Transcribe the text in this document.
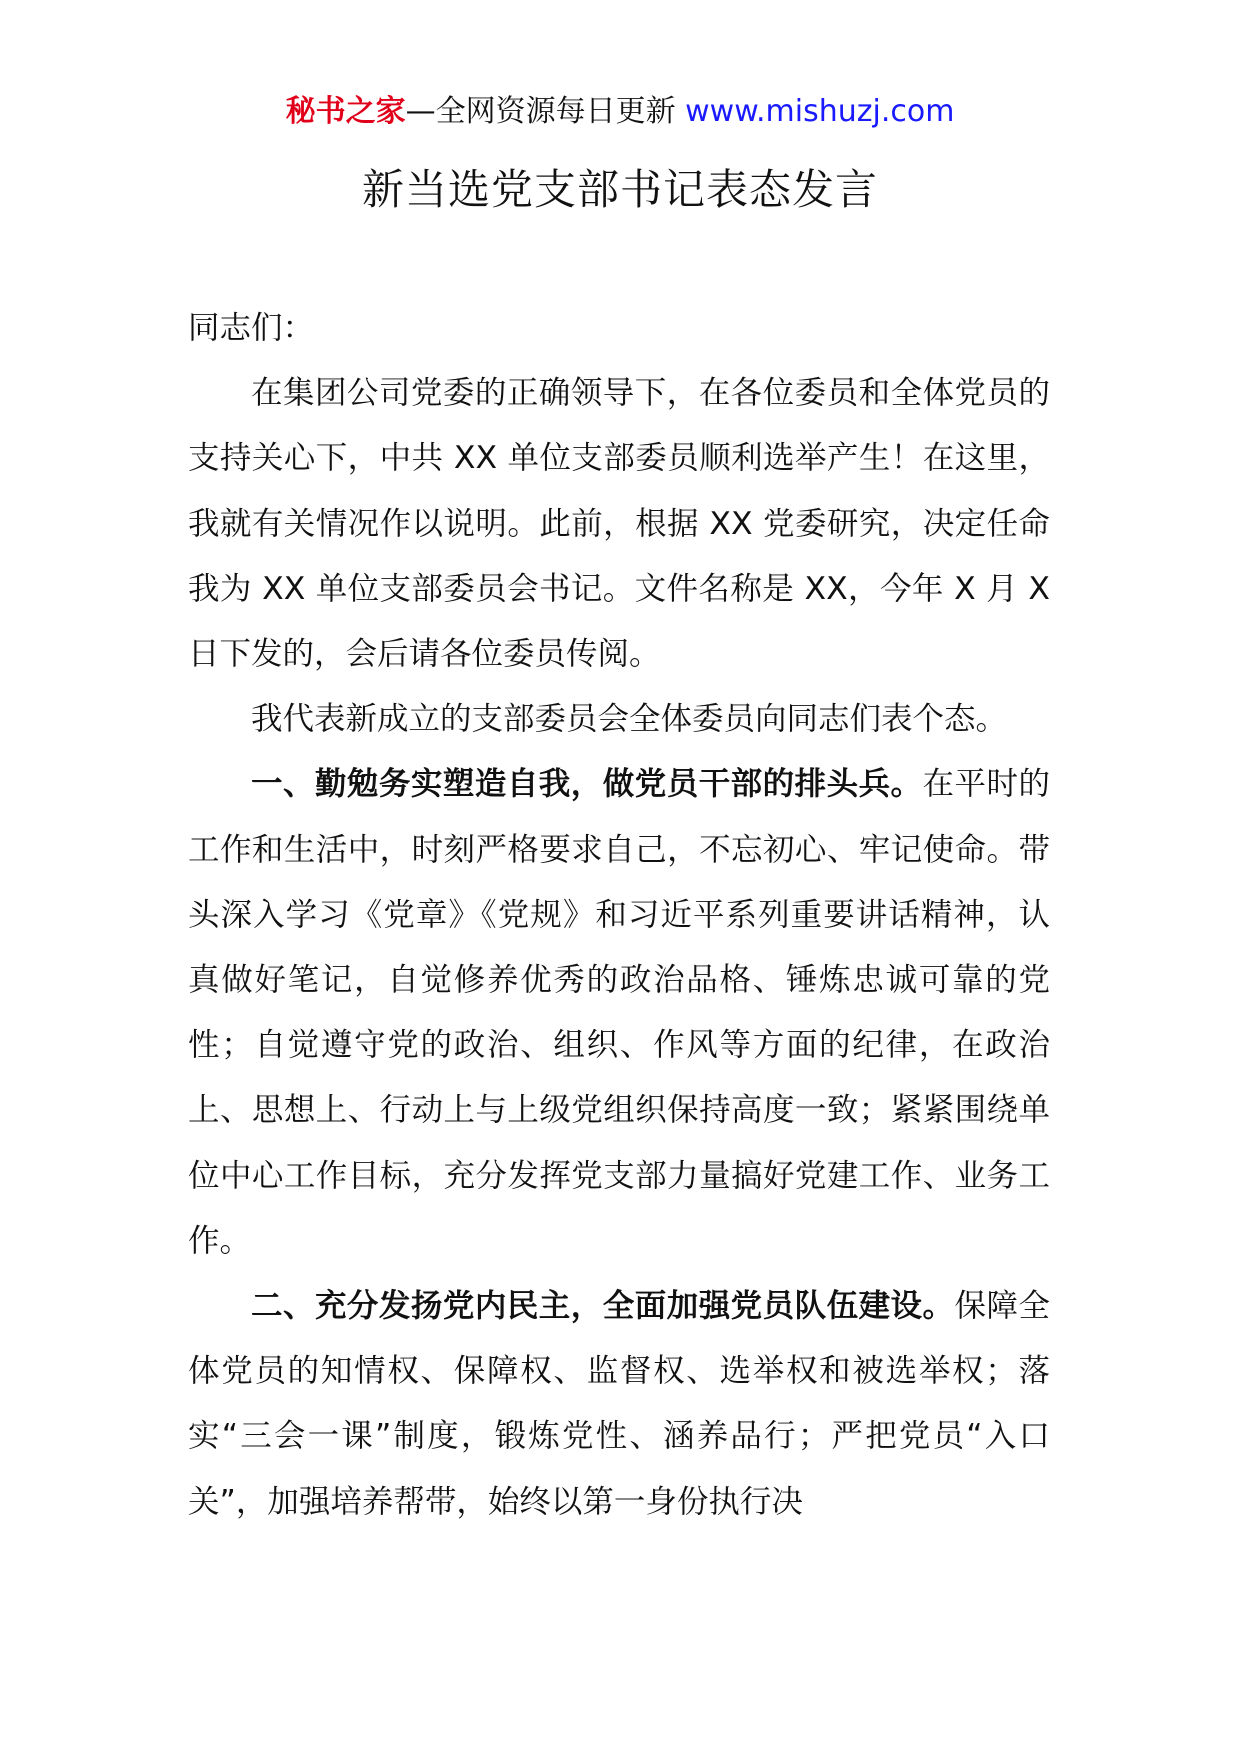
秘书之家—全网资源每日更新 www.mishuzj.com
新当选党支部书记表态发言

同志们：

在集团公司党委的正确领导下，在各位委员和全体党员的支持关心下，中共 XX 单位支部委员顺利选举产生！在这里，我就有关情况作以说明。此前，根据 XX 党委研究，决定任命我为 XX 单位支部委员会书记。文件名称是 XX，今年 X 月 X 日下发的，会后请各位委员传阅。

我代表新成立的支部委员会全体委员向同志们表个态。

一、勤勉务实塑造自我，做党员干部的排头兵。在平时的工作和生活中，时刻严格要求自己，不忘初心、牢记使命。带头深入学习《党章》《党规》和习近平系列重要讲话精神，认真做好笔记，自觉修养优秀的政治品格、锤炼忠诚可靠的党性；自觉遵守党的政治、组织、作风等方面的纪律，在政治上、思想上、行动上与上级党组织保持高度一致；紧紧围绕单位中心工作目标，充分发挥党支部力量搞好党建工作、业务工作。

二、充分发扬党内民主，全面加强党员队伍建设。保障全体党员的知情权、保障权、监督权、选举权和被选举权；落实“三会一课”制度，锻炼党性、涵养品行；严把党员“入口关”，加强培养帮带，始终以第一身份执行决
